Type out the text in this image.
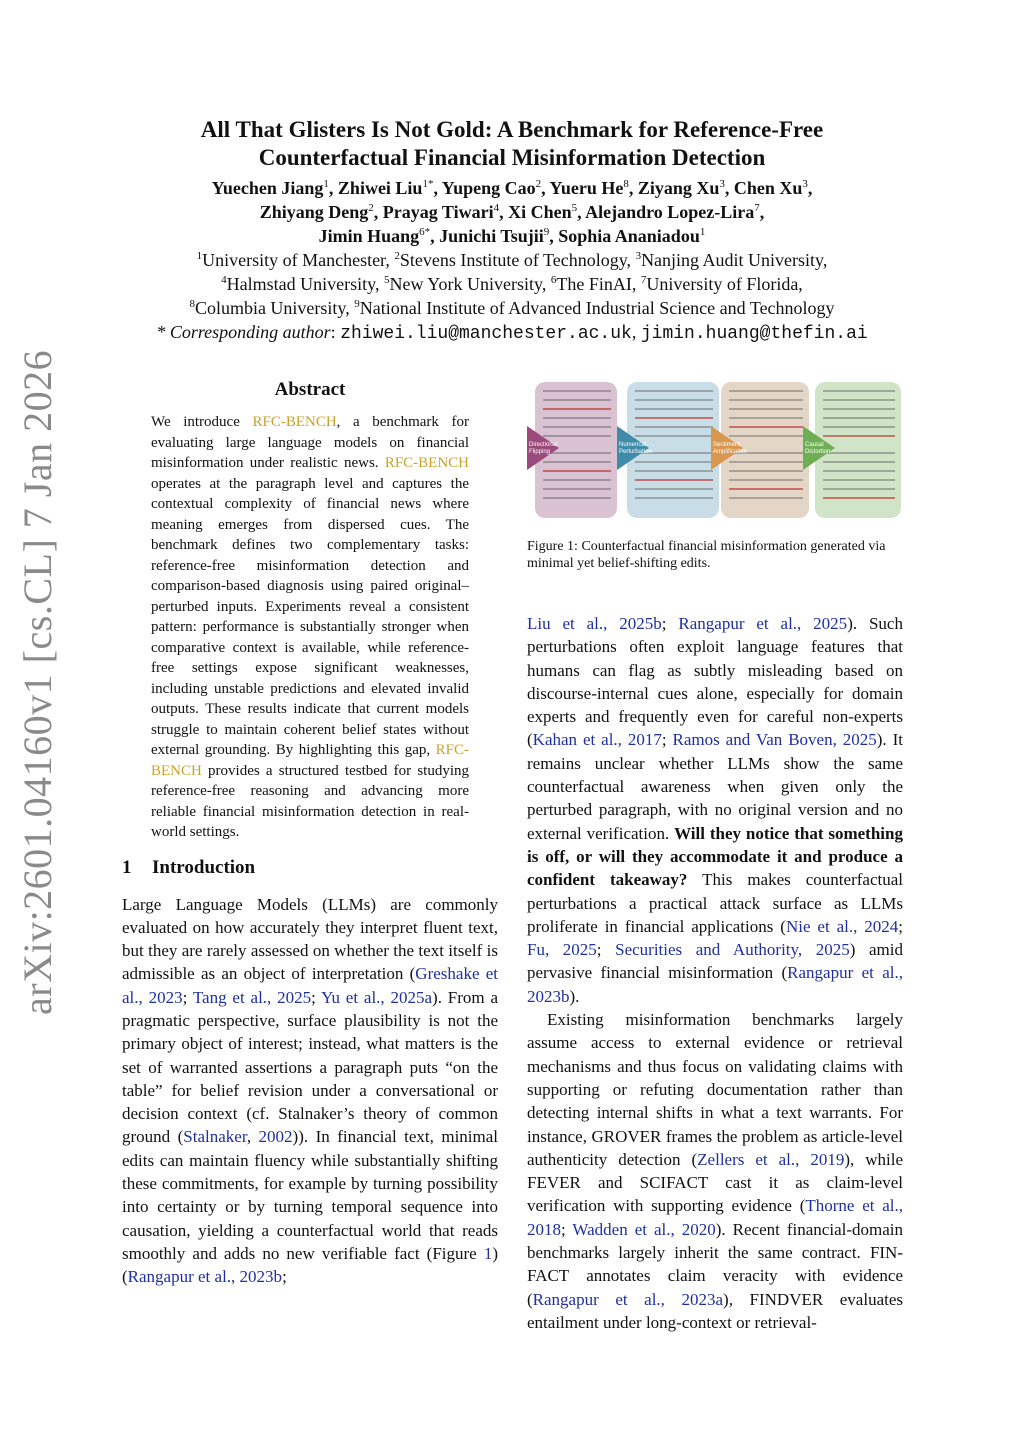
arXiv:2601.04160v1 [cs.CL] 7 Jan 2026
All That Glisters Is Not Gold: A Benchmark for Reference-Free
Counterfactual Financial Misinformation Detection
Yuechen Jiang$^1$, Zhiwei Liu$^{1*}$, Yupeng Cao$^2$, Yueru He$^8$, Ziyang Xu$^3$, Chen Xu$^3$,
Zhiyang Deng$^2$, Prayag Tiwari$^4$, Xi Chen$^5$, Alejandro Lopez-Lira$^7$,
Jimin Huang$^{6*}$, Junichi Tsujii$^9$, Sophia Ananiadou$^1$
$^1$University of Manchester, $^2$Stevens Institute of Technology, $^3$Nanjing Audit University,
$^4$Halmstad University, $^5$New York University, $^6$The FinAI, $^7$University of Florida,
$^8$Columbia University, $^9$National Institute of Advanced Industrial Science and Technology
* Corresponding author: zhiwei.liu@manchester.ac.uk, jimin.huang@thefin.ai
Abstract
We introduce RFC-BENCH, a benchmark for evaluating large language models on financial misinformation under realistic news. RFC-BENCH operates at the paragraph level and captures the contextual complexity of financial news where meaning emerges from dispersed cues. The benchmark defines two complementary tasks: reference-free misinformation detection and comparison-based diagnosis using paired original–perturbed inputs. Experiments reveal a consistent pattern: performance is substantially stronger when comparative context is available, while reference-free settings expose significant weaknesses, including unstable predictions and elevated invalid outputs. These results indicate that current models struggle to maintain coherent belief states without external grounding. By highlighting this gap, RFC-BENCH provides a structured testbed for studying reference-free reasoning and advancing more reliable financial misinformation detection in real-world settings.
1 Introduction

Large Language Models (LLMs) are commonly evaluated on how accurately they interpret fluent text, but they are rarely assessed on whether the text itself is admissible as an object of interpretation (Greshake et al., 2023; Tang et al., 2025; Yu et al., 2025a). From a pragmatic perspective, surface plausibility is not the primary object of interest; instead, what matters is the set of warranted assertions a paragraph puts “on the table” for belief revision under a conversational or decision context (cf. Stalnaker’s theory of common ground (Stalnaker, 2002)). In financial text, minimal edits can maintain fluency while substantially shifting these commitments, for example by turning possibility into certainty or by turning temporal sequence into causation, yielding a counterfactual world that reads smoothly and adds no new verifiable fact (Figure 1) (Rangapur et al., 2023b;

Directional Flipping
Numerical Perturbation
Sentiment Amplification
Causal Distortion
Figure 1: Counterfactual financial misinformation generated via minimal yet belief-shifting edits.

Liu et al., 2025b; Rangapur et al., 2025). Such perturbations often exploit language features that humans can flag as subtly misleading based on discourse-internal cues alone, especially for domain experts and frequently even for careful non-experts (Kahan et al., 2017; Ramos and Van Boven, 2025). It remains unclear whether LLMs show the same counterfactual awareness when given only the perturbed paragraph, with no original version and no external verification. Will they notice that something is off, or will they accommodate it and produce a confident takeaway? This makes counterfactual perturbations a practical attack surface as LLMs proliferate in financial applications (Nie et al., 2024; Fu, 2025; Securities and Authority, 2025) amid pervasive financial misinformation (Rangapur et al., 2023b).

Existing misinformation benchmarks largely assume access to external evidence or retrieval mechanisms and thus focus on validating claims with supporting or refuting documentation rather than detecting internal shifts in what a text warrants. For instance, GROVER frames the problem as article-level authenticity detection (Zellers et al., 2019), while FEVER and SCIFACT cast it as claim-level verification with supporting evidence (Thorne et al., 2018; Wadden et al., 2020). Recent financial-domain benchmarks largely inherit the same contract. FIN-FACT annotates claim veracity with evidence (Rangapur et al., 2023a), FINDVER evaluates entailment under long-context or retrieval-
